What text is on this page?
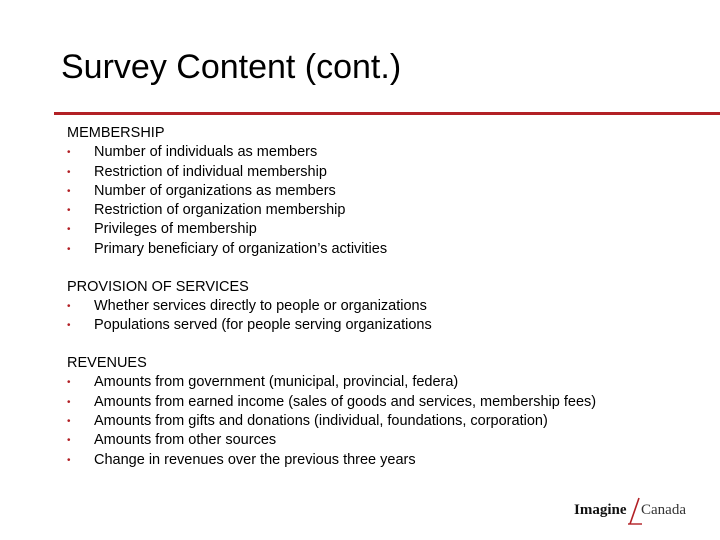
Survey Content (cont.)
MEMBERSHIP
• Number of individuals as members
• Restriction of individual membership
• Number of organizations as members
• Restriction of organization membership
• Privileges of membership
• Primary beneficiary of organization’s activities
PROVISION OF SERVICES
• Whether services directly to people or organizations
• Populations served (for people serving organizations
REVENUES
• Amounts from government (municipal, provincial, federa)
• Amounts from earned income (sales of goods and services, membership fees)
• Amounts from gifts and donations (individual, foundations, corporation)
• Amounts from other sources
• Change in revenues over the previous three years
Imagine Canada
